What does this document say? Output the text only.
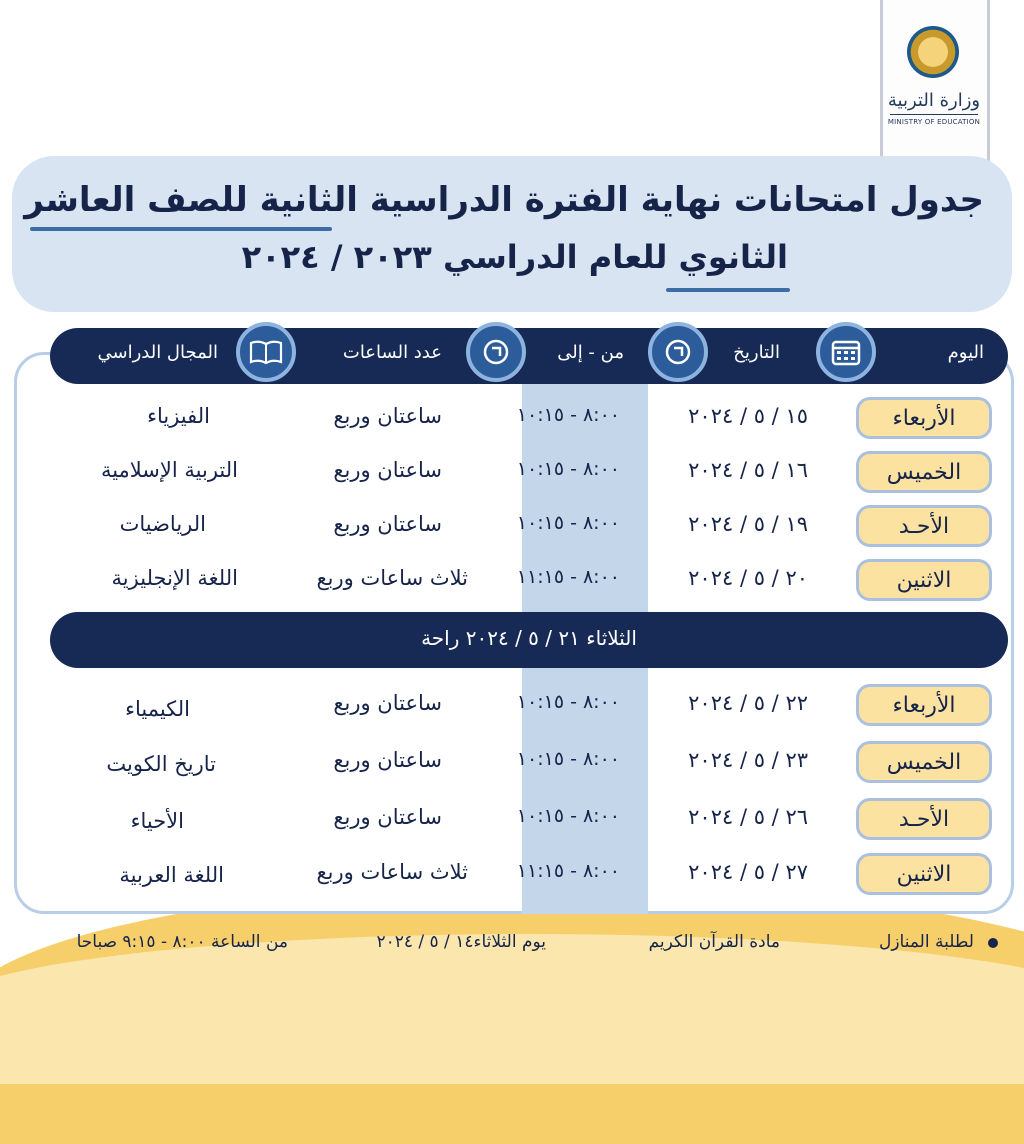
وزارة التربية
MINISTRY OF EDUCATION
جدول امتحانات نهاية الفترة الدراسية الثانية للصف العاشر
الثانوي للعام الدراسي ٢٠٢٣ / ٢٠٢٤
اليوم
التاريخ
من - إلى
عدد الساعات
المجال الدراسي
الأربعاء
١٥ / ٥ / ٢٠٢٤
٨:٠٠ - ١٠:١٥
ساعتان وربع
الفيزياء
الخميس
١٦ / ٥ / ٢٠٢٤
٨:٠٠ - ١٠:١٥
ساعتان وربع
التربية الإسلامية
الأحـد
١٩ / ٥ / ٢٠٢٤
٨:٠٠ - ١٠:١٥
ساعتان وربع
الرياضيات
الاثنين
٢٠ / ٥ / ٢٠٢٤
٨:٠٠ - ١١:١٥
ثلاث ساعات وربع
اللغة الإنجليزية
الثلاثاء ٢١ / ٥ / ٢٠٢٤ راحة
الأربعاء
٢٢ / ٥ / ٢٠٢٤
٨:٠٠ - ١٠:١٥
ساعتان وربع
الكيمياء
الخميس
٢٣ / ٥ / ٢٠٢٤
٨:٠٠ - ١٠:١٥
ساعتان وربع
تاريخ الكويت
الأحـد
٢٦ / ٥ / ٢٠٢٤
٨:٠٠ - ١٠:١٥
ساعتان وربع
الأحياء
الاثنين
٢٧ / ٥ / ٢٠٢٤
٨:٠٠ - ١١:١٥
ثلاث ساعات وربع
اللغة العربية
لطلبة المنازل
مادة القرآن الكريم
يوم الثلاثاء١٤ / ٥ / ٢٠٢٤
من الساعة ٨:٠٠ - ٩:١٥ صباحا
